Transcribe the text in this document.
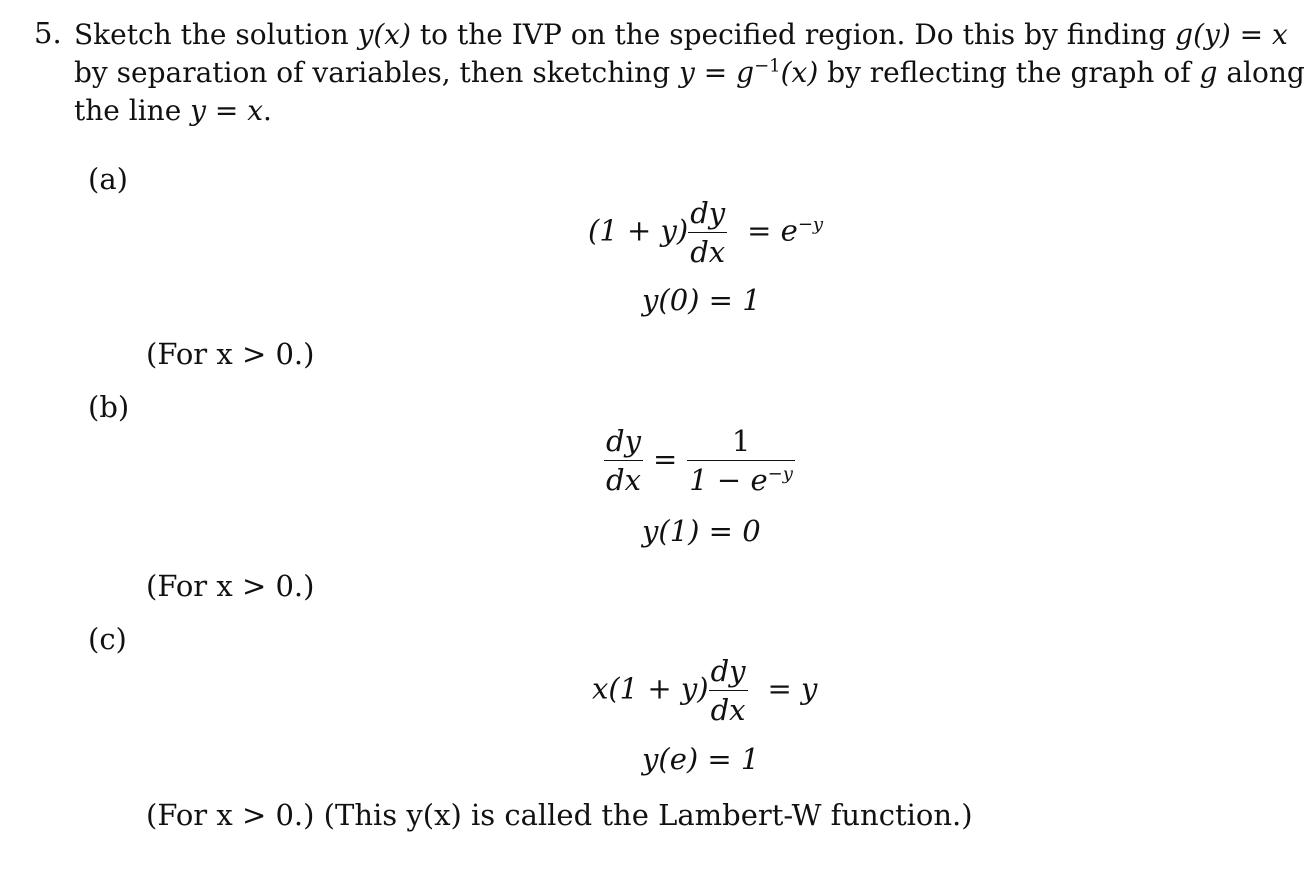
5. Sketch the solution y(x) to the IVP on the specified region. Do this by finding g(y) = x
by separation of variables, then sketching $y = g^{-1}(x)$ by reflecting the graph of g along
the line y = x.
(a)
$(1 + y) \frac{dy}{dx} = e^{-y}$
y(0) = 1
(For x > 0.)
(b)
$\frac{dy}{dx} = \frac{1}{1 - e^{-y}}$
y(1) = 0
(For x > 0.)
(c)
$x(1 + y) \frac{dy}{dx} = y$
y(e) = 1
(For x > 0.) (This y(x) is called the Lambert-W function.)
